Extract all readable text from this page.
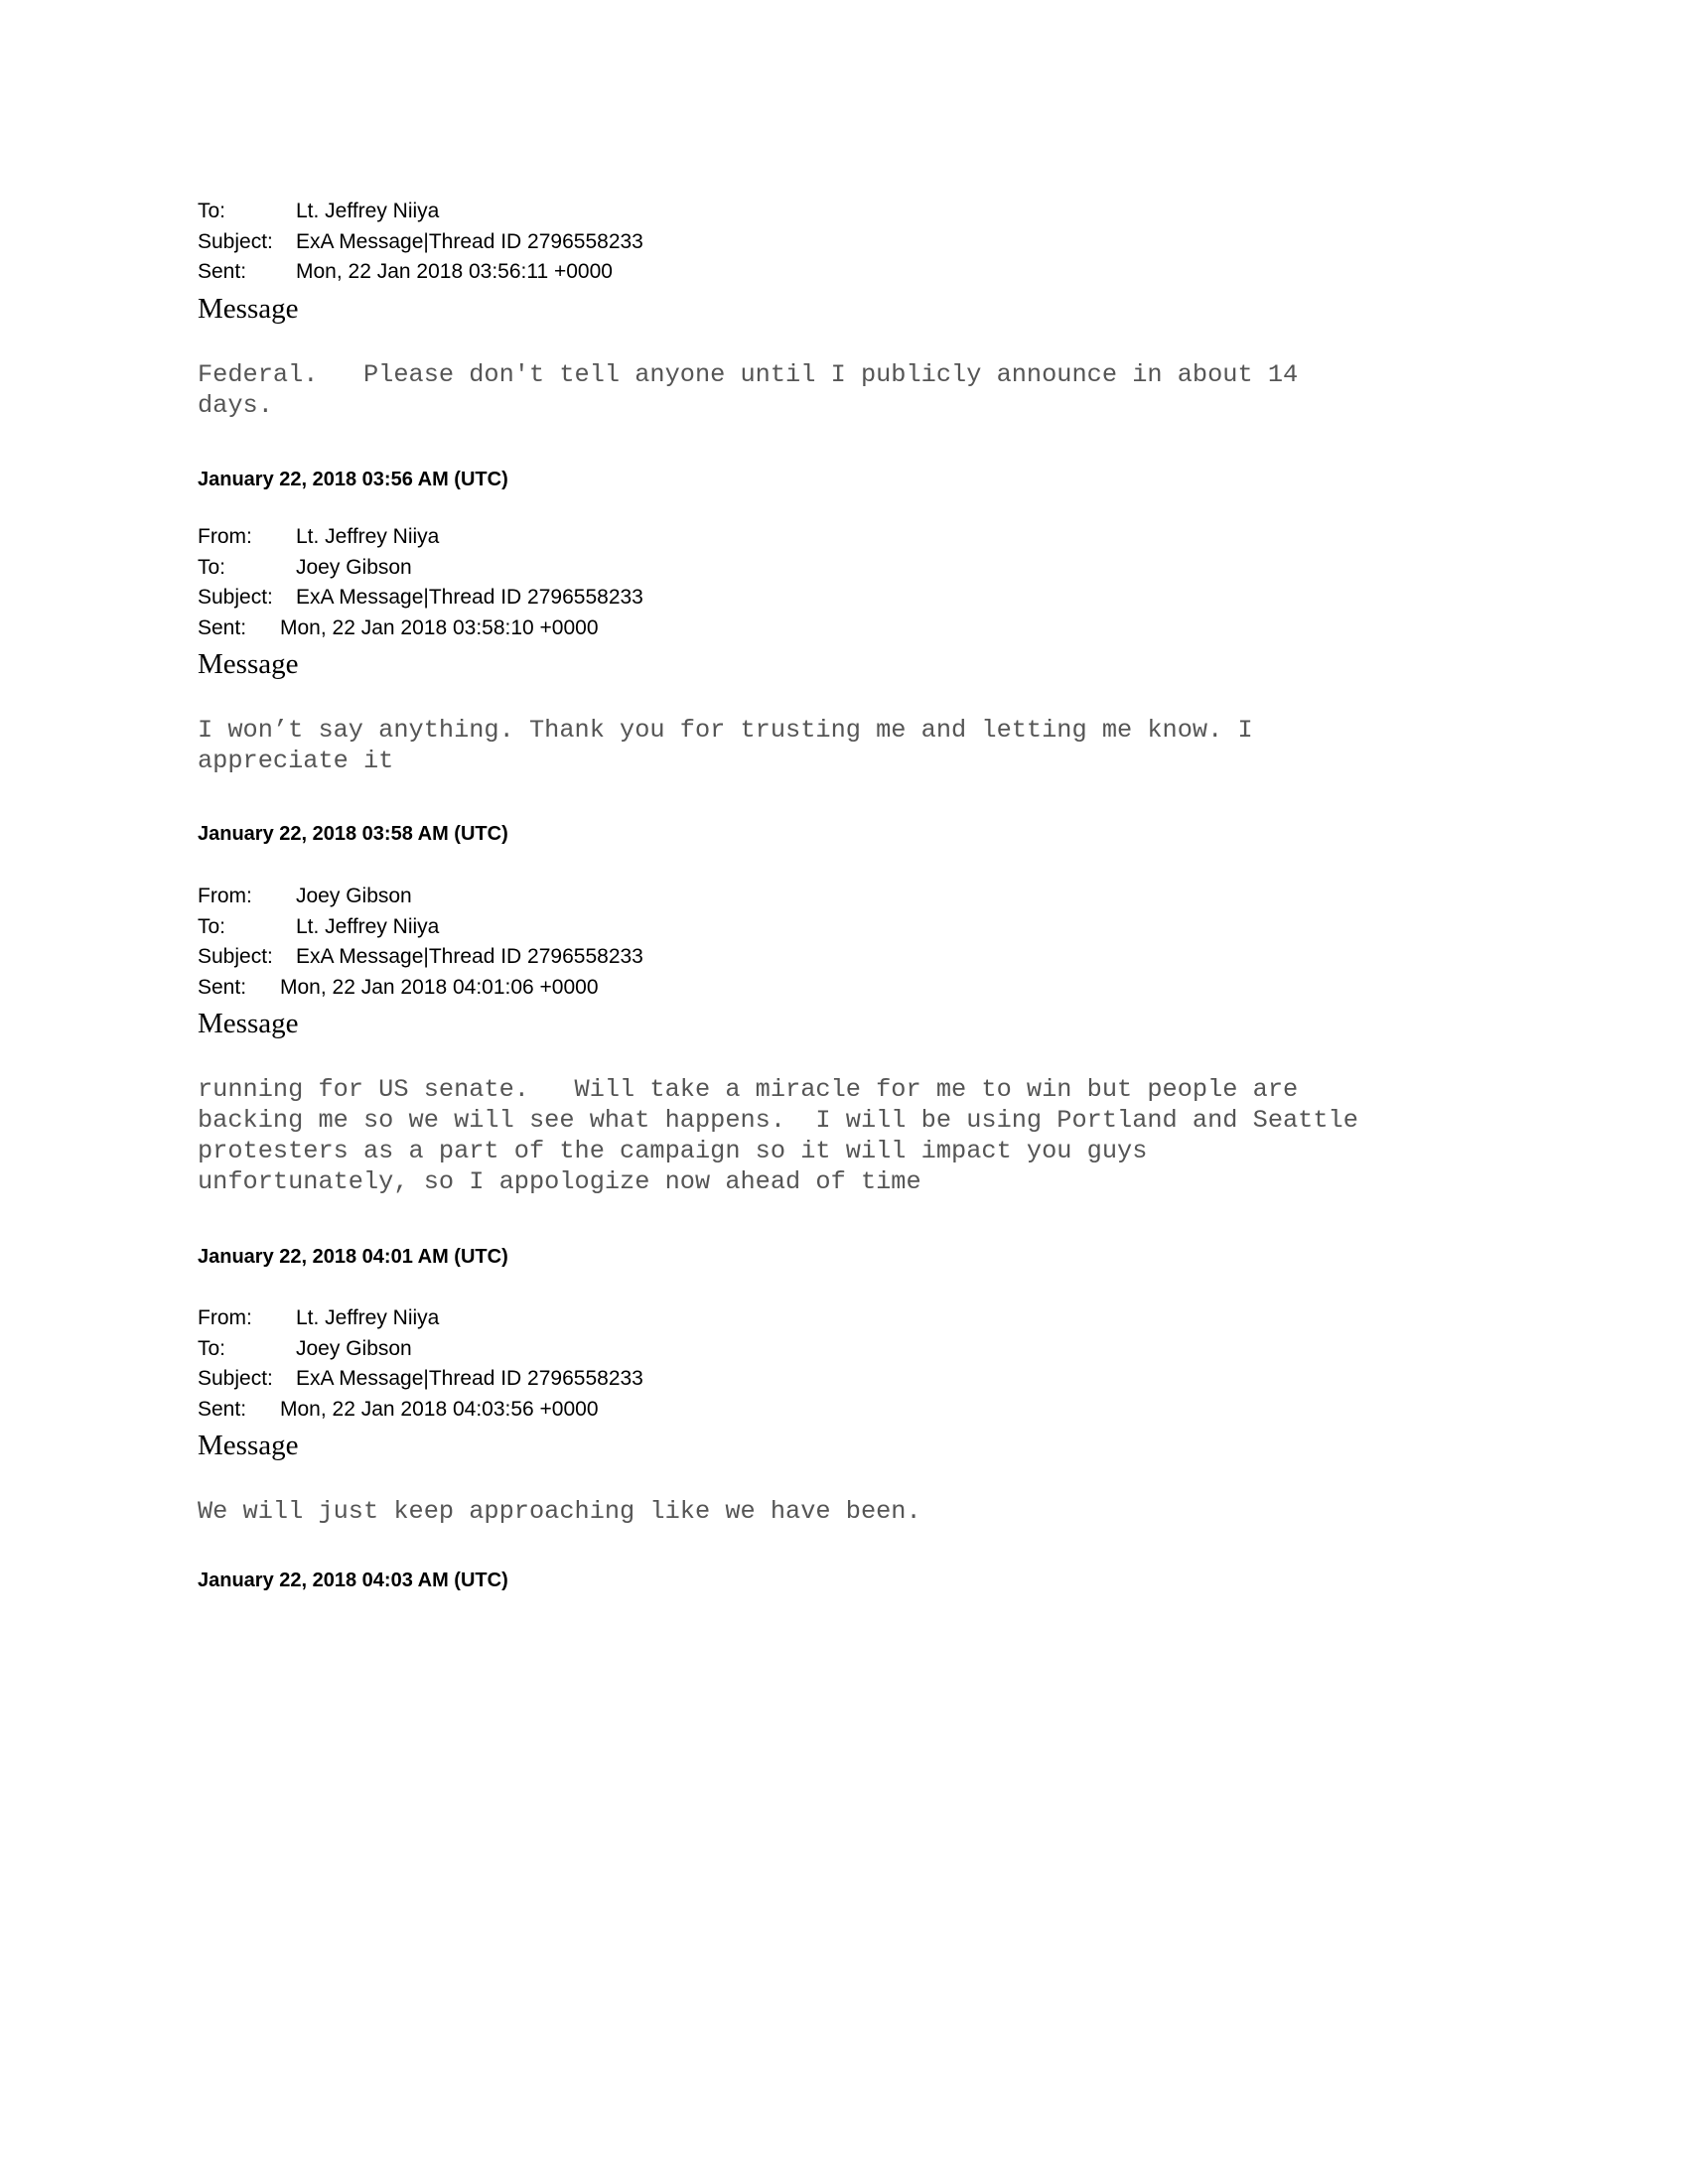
To:	Lt. Jeffrey Niiya
Subject: ExA Message|Thread ID 2796558233
Sent: Mon, 22 Jan 2018 03:56:11 +0000
Message
Federal.   Please don't tell anyone until I publicly announce in about 14
days.
January 22, 2018 03:56 AM (UTC)
From: Lt. Jeffrey Niiya
To:	Joey Gibson
Subject: ExA Message|Thread ID 2796558233
Sent: Mon, 22 Jan 2018 03:58:10 +0000
Message
I won’t say anything. Thank you for trusting me and letting me know. I
appreciate it
January 22, 2018 03:58 AM (UTC)
From: Joey Gibson
To:	Lt. Jeffrey Niiya
Subject: ExA Message|Thread ID 2796558233
Sent: Mon, 22 Jan 2018 04:01:06 +0000
Message
running for US senate.   Will take a miracle for me to win but people are
backing me so we will see what happens.  I will be using Portland and Seattle
protesters as a part of the campaign so it will impact you guys
unfortunately, so I appologize now ahead of time
January 22, 2018 04:01 AM (UTC)
From: Lt. Jeffrey Niiya
To:	Joey Gibson
Subject: ExA Message|Thread ID 2796558233
Sent: Mon, 22 Jan 2018 04:03:56 +0000
Message
We will just keep approaching like we have been.
January 22, 2018 04:03 AM (UTC)
